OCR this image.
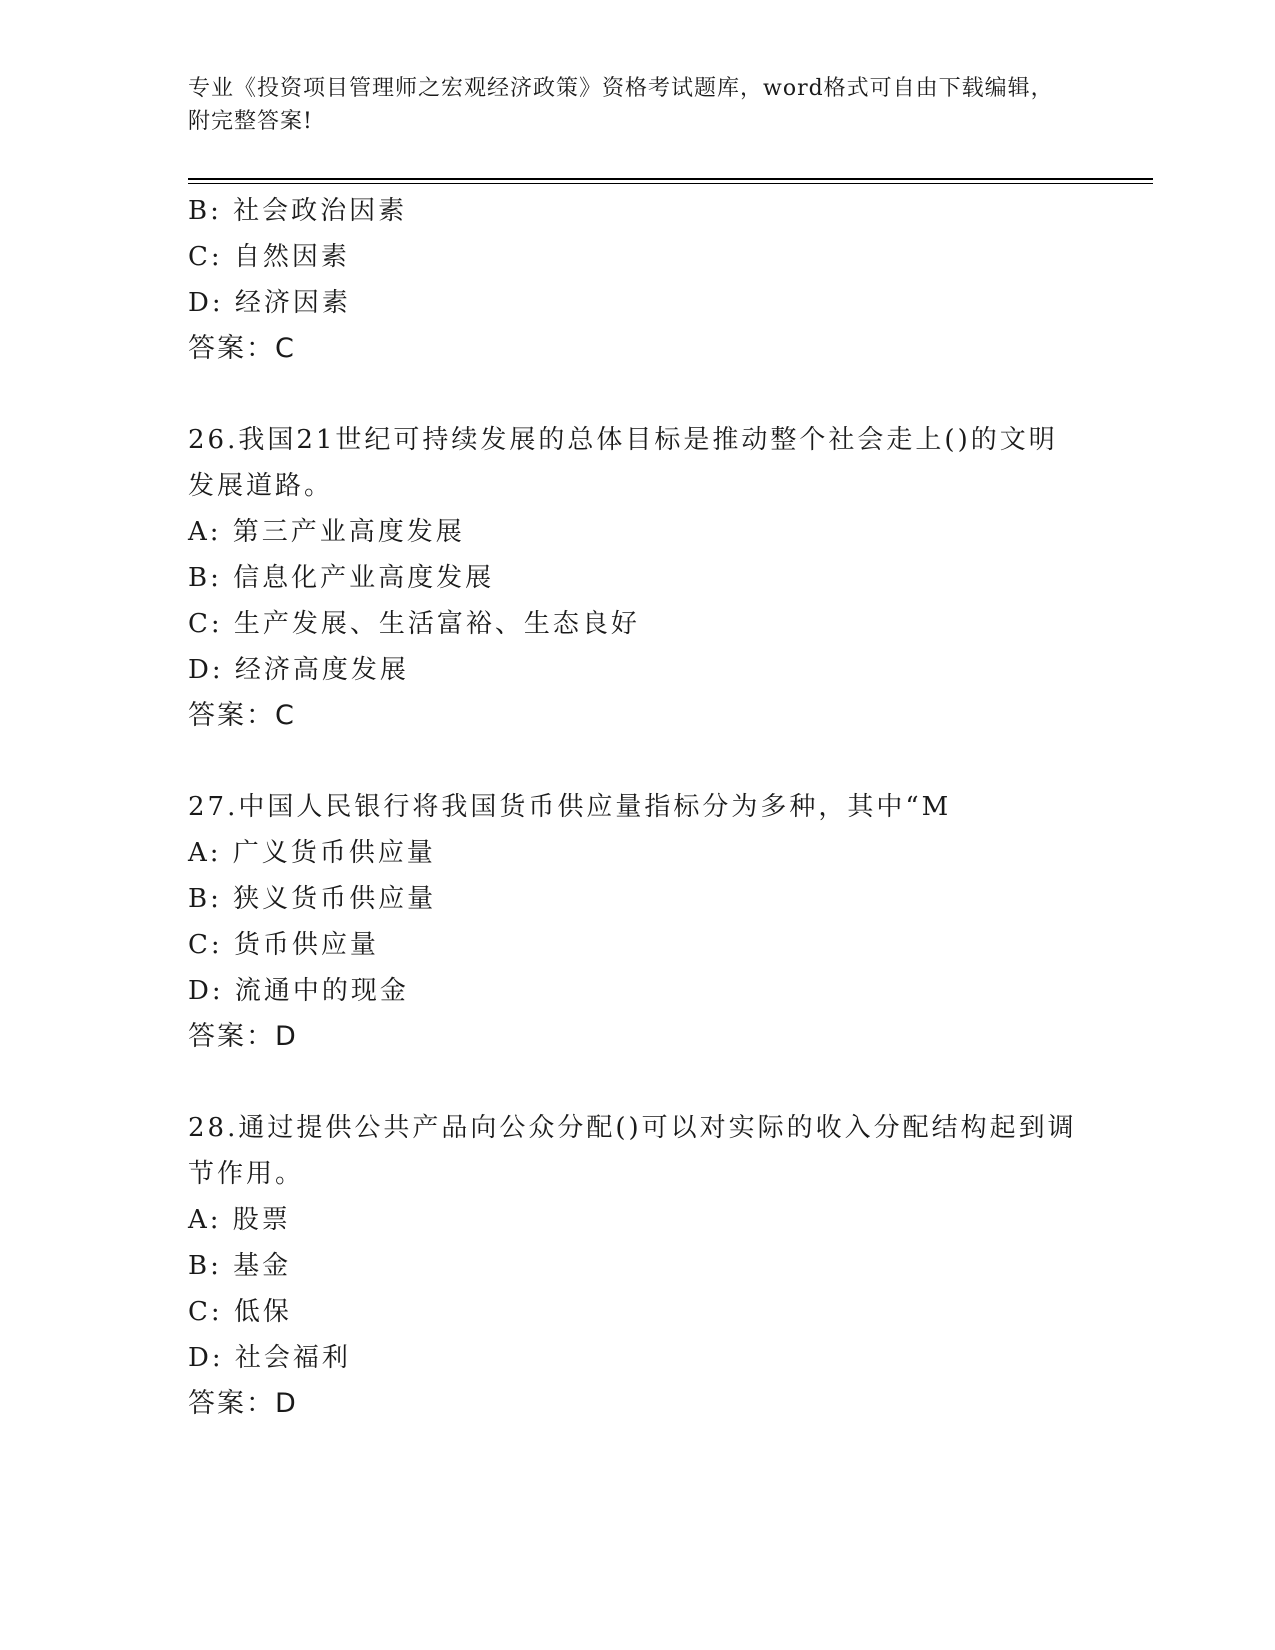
专业《投资项目管理师之宏观经济政策》资格考试题库，word格式可自由下载编辑，附完整答案!
B: 社会政治因素
C: 自然因素
D: 经济因素
答案：C
26.我国21世纪可持续发展的总体目标是推动整个社会走上()的文明
发展道路。
A: 第三产业高度发展
B: 信息化产业高度发展
C: 生产发展、生活富裕、生态良好
D: 经济高度发展
答案：C
27.中国人民银行将我国货币供应量指标分为多种，其中“M
A: 广义货币供应量
B: 狭义货币供应量
C: 货币供应量
D: 流通中的现金
答案：D
28.通过提供公共产品向公众分配()可以对实际的收入分配结构起到调
节作用。
A: 股票
B: 基金
C: 低保
D: 社会福利
答案：D
